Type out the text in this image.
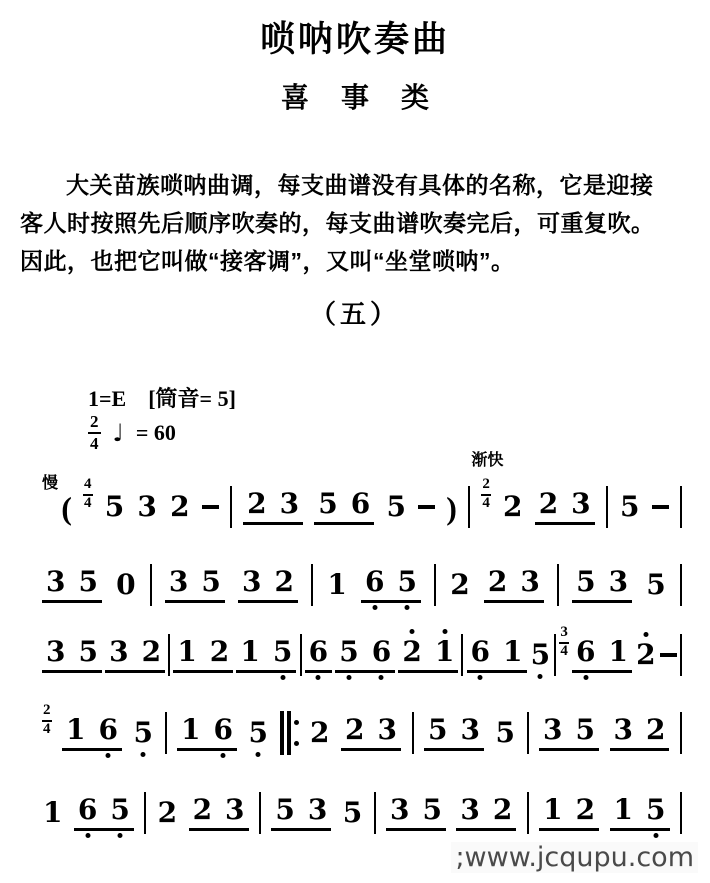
唢呐吹奏曲
喜事类
大关苗族唢呐曲调，每支曲谱没有具体的名称，它是迎接
客人时按照先后顺序吹奏的，每支曲谱吹奏完后，可重复吹。
因此，也把它叫做“接客调”，又叫“坐堂唢呐”。
（五）
1=E [筒音= 5]
$\frac{2}{4}$ ♩ = 60
慢
( $\frac{4}{4} 5$ 3 2 2 3 5 6 5 )
渐快
2
4 2 2 3 5
3 5 0 3 5 3 2 1 6 5 2 2 3 5 3 5
3 5 3 2 1 2 1 5 6 5 6 2 1 6 1 $5 \frac{3}{4} 6$ 1 2
$\frac{2}{4} 1$ 6 5 1 6 5 2 2 3 5 3 5 3 5 3 2
1 6 5 2 2 3 5 3 5 3 5 3 2 1 2 1 5
;www.jcqupu.com
